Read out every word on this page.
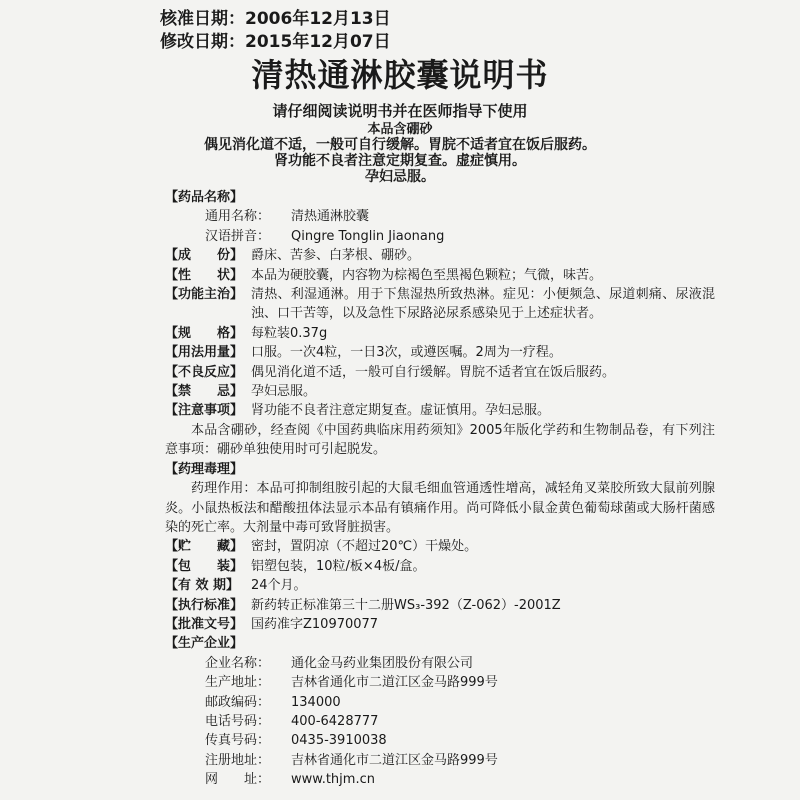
核准日期：2006年12月13日
修改日期：2015年12月07日
清热通淋胶囊说明书
请仔细阅读说明书并在医师指导下使用
本品含硼砂
偶见消化道不适，一般可自行缓解。胃脘不适者宜在饭后服药。
肾功能不良者注意定期复查。虚症慎用。
孕妇忌服。
【药品名称】
通用名称： 清热通淋胶囊
汉语拼音： Qingre Tonglin Jiaonang
【成　　份】 爵床、苦参、白茅根、硼砂。
【性　　状】 本品为硬胶囊，内容物为棕褐色至黑褐色颗粒；气微，味苦。
【功能主治】 清热、利湿通淋。用于下焦湿热所致热淋。症见：小便频急、尿道刺痛、尿液混浊、口干苦等，以及急性下尿路泌尿系感染见于上述症状者。
【规　　格】 每粒装0.37g
【用法用量】 口服。一次4粒，一日3次，或遵医嘱。2周为一疗程。
【不良反应】 偶见消化道不适，一般可自行缓解。胃脘不适者宜在饭后服药。
【禁　　忌】 孕妇忌服。
【注意事项】 肾功能不良者注意定期复查。虚证慎用。孕妇忌服。
本品含硼砂，经查阅《中国药典临床用药须知》2005年版化学药和生物制品卷，有下列注意事项：硼砂单独使用时可引起脱发。
【药理毒理】
药理作用：本品可抑制组胺引起的大鼠毛细血管通透性增高，减轻角叉菜胶所致大鼠前列腺炎。小鼠热板法和醋酸扭体法显示本品有镇痛作用。尚可降低小鼠金黄色葡萄球菌或大肠杆菌感染的死亡率。大剂量中毒可致肾脏损害。
【贮　　藏】 密封，置阴凉（不超过20℃）干燥处。
【包　　装】 铝塑包装，10粒/板×4板/盒。
【有 效 期】 24个月。
【执行标准】 新药转正标准第三十二册WS₃-392（Z-062）-2001Z
【批准文号】 国药准字Z10970077
【生产企业】
企业名称： 通化金马药业集团股份有限公司
生产地址： 吉林省通化市二道江区金马路999号
邮政编码： 134000
电话号码： 400-6428777
传真号码： 0435-3910038
注册地址： 吉林省通化市二道江区金马路999号
网　　址： www.thjm.cn
